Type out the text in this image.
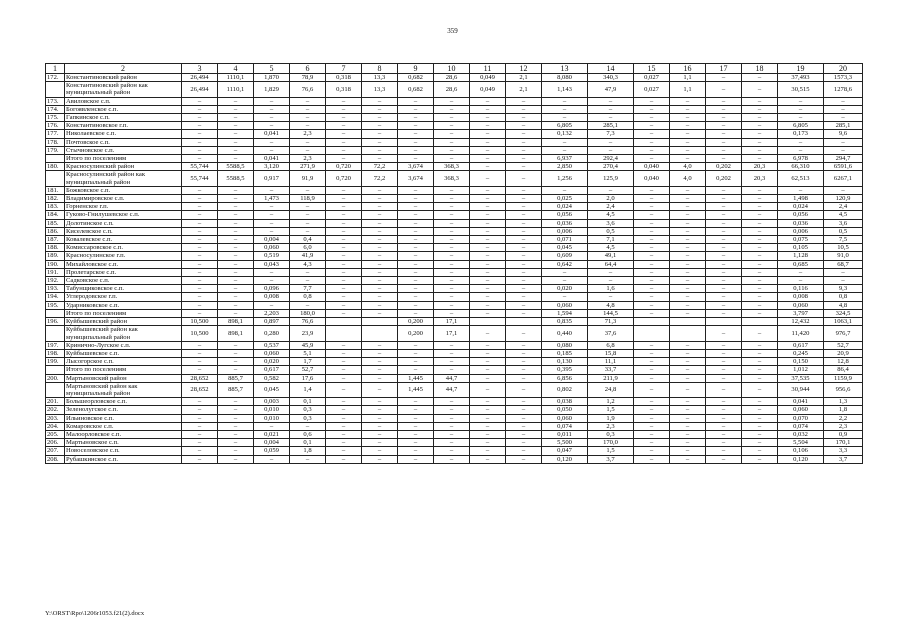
359
1	2	3	4	5	6	7	8	9	10	11	12	13	14	15	16	17	18	19	20
172.	Константиновский район	26,494	1110,1	1,870	78,9	0,318	13,3	0,682	28,6	0,049	2,1	8,080	340,3	0,027	1,1	–	–	37,493	1573,3
	Константиновский район как муниципальный район	26,494	1110,1	1,829	76,6	0,318	13,3	0,682	28,6	0,049	2,1	1,143	47,9	0,027	1,1	–	–	30,515	1278,6
173.	Авиловское с.п.	–	–	–	–	–	–	–	–	–	–	–	–	–	–	–	–	–	–
174.	Богоявленское с.п.	–	–	–	–	–	–	–	–	–	–	–	–	–	–	–	–	–	–
175.	Гапкинское с.п.	–	–	–	–	–	–	–	–	–	–	–	–	–	–	–	–	–	–
176.	Константиновское г.п.	–	–	–	–	–	–	–	–	–	–	6,805	285,1	–	–	–	–	6,805	285,1
177.	Николаевское с.п.	–	–	0,041	2,3	–	–	–	–	–	–	0,132	7,3	–	–	–	–	0,173	9,6
178.	Почтовское с.п.	–	–	–	–	–	–	–	–	–	–	–	–	–	–	–	–	–	–
179.	Стычновское с.п.	–	–	–	–	–	–	–	–	–	–	–	–	–	–	–	–	–	–
	Итого по поселениям	–	–	0,041	2,3	–	–	–	–	–	–	6,937	292,4	–	–	–	–	6,978	294,7
180.	Красносулинский район	55,744	5588,5	3,120	271,9	0,720	72,2	3,674	368,3	–	–	2,850	270,4	0,040	4,0	0,202	20,3	66,310	6591,6
	Красносулинский район как муниципальный район	55,744	5588,5	0,917	91,9	0,720	72,2	3,674	368,3	–	–	1,256	125,9	0,040	4,0	0,202	20,3	62,513	6267,1
181.	Божковское с.п.	–	–	–	–	–	–	–	–	–	–	–	–	–	–	–	–	–	–
182.	Владимировское с.п.	–	–	1,473	118,9	–	–	–	–	–	–	0,025	2,0	–	–	–	–	1,498	120,9
183.	Горненское г.п.	–	–	–	–	–	–	–	–	–	–	0,024	2,4	–	–	–	–	0,024	2,4
184.	Гуково-Гнилушевское с.п.	–	–	–	–	–	–	–	–	–	–	0,056	4,5	–	–	–	–	0,056	4,5
185.	Долотинское с.п.	–	–	–	–	–	–	–	–	–	–	0,036	3,6	–	–	–	–	0,036	3,6
186.	Киселевское с.п.	–	–	–	–	–	–	–	–	–	–	0,006	0,5	–	–	–	–	0,006	0,5
187.	Ковалевское с.п.	–	–	0,004	0,4	–	–	–	–	–	–	0,071	7,1	–	–	–	–	0,075	7,5
188.	Комиссаровское с.п.	–	–	0,060	6,0	–	–	–	–	–	–	0,045	4,5	–	–	–	–	0,105	10,5
189.	Красносулинское г.п.	–	–	0,519	41,9	–	–	–	–	–	–	0,609	49,1	–	–	–	–	1,128	91,0
190.	Михайловское с.п.	–	–	0,043	4,3	–	–	–	–	–	–	0,642	64,4	–	–	–	–	0,685	68,7
191.	Пролетарское с.п.	–	–	–	–	–	–	–	–	–	–	–	–	–	–	–	–	–	–
192.	Садковское с.п.	–	–	–	–	–	–	–	–	–	–	–	–	–	–	–	–	–	–
193.	Табунщиковское с.п.	–	–	0,096	7,7	–	–	–	–	–	–	0,020	1,6	–	–	–	–	0,116	9,3
194.	Углеродовское г.п.	–	–	0,008	0,8	–	–	–	–	–	–	–	–	–	–	–	–	0,008	0,8
195.	Ударниковское с.п.	–	–	–	–	–	–	–	–	–	–	0,060	4,8	–	–	–	–	0,060	4,8
	Итого по поселениям	–	–	2,203	180,0	–	–	–	–	–	–	1,594	144,5	–	–	–	–	3,797	324,5
196.	Куйбышевский район	10,500	898,1	0,897	76,6			0,200	17,1			0,835	71,3					12,432	1063,1
	Куйбышевский район как муниципальный район	10,500	898,1	0,280	23,9			0,200	17,1	–	–	0,440	37,6			–	–	11,420	976,7
197.	Кринично-Лугское с.п.	–	–	0,537	45,9	–	–	–	–	–	–	0,080	6,8	–	–	–	–	0,617	52,7
198.	Куйбышевское с.п.	–	–	0,060	5,1	–	–	–	–	–	–	0,185	15,8	–	–	–	–	0,245	20,9
199.	Лысогорское с.п.	–	–	0,020	1,7	–	–	–	–	–	–	0,130	11,1	–	–	–	–	0,150	12,8
	Итого по поселениям	–	–	0,617	52,7	–	–	–	–	–	–	0,395	33,7	–	–	–	–	1,012	86,4
200.	Мартыновский район	28,652	885,7	0,582	17,6	–	–	1,445	44,7	–	–	6,856	211,9	–	–	–	–	37,535	1159,9
	Мартыновский район как муниципальный район	28,652	885,7	0,045	1,4	–	–	1,445	44,7	–	–	0,802	24,8	–	–	–	–	30,944	956,6
201.	Большеорловское с.п.	–	–	0,003	0,1	–	–	–	–	–	–	0,038	1,2	–	–	–	–	0,041	1,3
202.	Зеленолугское с.п.	–	–	0,010	0,3	–	–	–	–	–	–	0,050	1,5	–	–	–	–	0,060	1,8
203.	Ильиновское с.п.	–	–	0,010	0,3	–	–	–	–	–	–	0,060	1,9	–	–	–	–	0,070	2,2
204.	Комаровское с.п.	–	–	–	–	–	–	–	–	–	–	0,074	2,3	–	–	–	–	0,074	2,3
205.	Малоорловское с.п.	–	–	0,021	0,6	–	–	–	–	–	–	0,011	0,3	–	–	–	–	0,032	0,9
206.	Мартыновское с.п.	–	–	0,004	0,1	–	–	–	–	–	–	5,500	170,0	–	–	–	–	5,504	170,1
207.	Новоселовское с.п.	–	–	0,059	1,8	–	–	–	–	–	–	0,047	1,5	–	–	–	–	0,106	3,3
208.	Рубашкинское с.п.	–	–	–	–	–	–	–	–	–	–	0,120	3,7	–	–	–	–	0,120	3,7
Y:\ORST\Rpo\1206r1053.f21(2).docx
